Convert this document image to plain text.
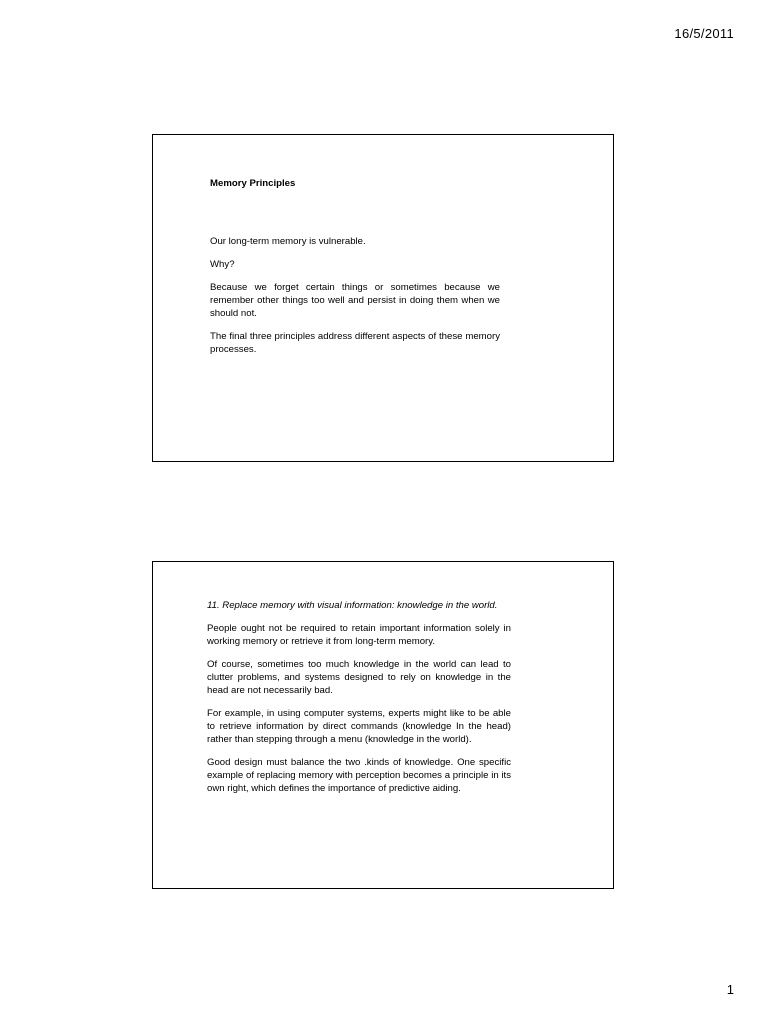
16/5/2011

Memory Principles

Our long-term memory is vulnerable.

Why?

Because we forget certain things or sometimes because we remember other things too well and persist in doing them when we should not.

The final three principles address different aspects of these memory processes.

11. Replace memory with visual information: knowledge in the world.

People ought not be required to retain important information solely in working memory or retrieve it from long-term memory.

Of course, sometimes too much knowledge in the world can lead to clutter problems, and systems designed to rely on knowledge in the head are not necessarily bad.

For example, in using computer systems, experts might like to be able to retrieve information by direct commands (knowledge In the head) rather than stepping through a menu (knowledge in the world).

Good design must balance the two .kinds of knowledge. One specific example of replacing memory with perception becomes a principle in its own right, which defines the importance of predictive aiding.

1
